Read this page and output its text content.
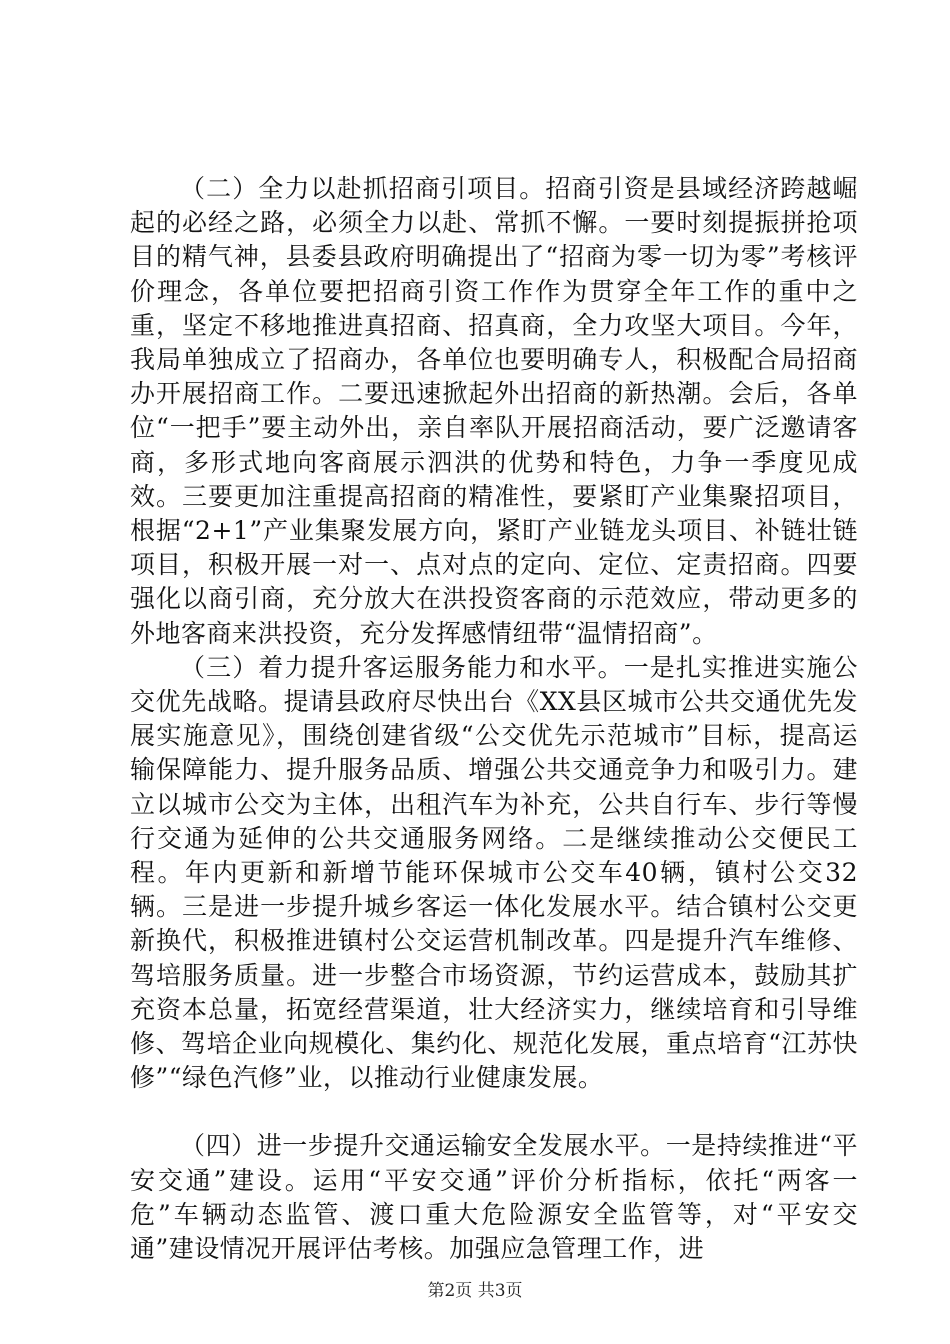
（二）全力以赴抓招商引项目。招商引资是县域经济跨越崛起的必经之路，必须全力以赴、常抓不懈。一要时刻提振拼抢项目的精气神，县委县政府明确提出了“招商为零一切为零”考核评价理念，各单位要把招商引资工作作为贯穿全年工作的重中之重，坚定不移地推进真招商、招真商，全力攻坚大项目。今年，我局单独成立了招商办，各单位也要明确专人，积极配合局招商办开展招商工作。二要迅速掀起外出招商的新热潮。会后，各单位“一把手”要主动外出，亲自率队开展招商活动，要广泛邀请客商，多形式地向客商展示泗洪的优势和特色，力争一季度见成效。三要更加注重提高招商的精准性，要紧盯产业集聚招项目，根据“2+1”产业集聚发展方向，紧盯产业链龙头项目、补链壮链项目，积极开展一对一、点对点的定向、定位、定责招商。四要强化以商引商，充分放大在洪投资客商的示范效应，带动更多的外地客商来洪投资，充分发挥感情纽带“温情招商”。

（三）着力提升客运服务能力和水平。一是扎实推进实施公交优先战略。提请县政府尽快出台《XX县区城市公共交通优先发展实施意见》，围绕创建省级“公交优先示范城市”目标，提高运输保障能力、提升服务品质、增强公共交通竞争力和吸引力。建立以城市公交为主体，出租汽车为补充，公共自行车、步行等慢行交通为延伸的公共交通服务网络。二是继续推动公交便民工程。年内更新和新增节能环保城市公交车40辆，镇村公交32辆。三是进一步提升城乡客运一体化发展水平。结合镇村公交更新换代，积极推进镇村公交运营机制改革。四是提升汽车维修、驾培服务质量。进一步整合市场资源，节约运营成本，鼓励其扩充资本总量，拓宽经营渠道，壮大经济实力，继续培育和引导维修、驾培企业向规模化、集约化、规范化发展，重点培育“江苏快修”“绿色汽修”业，以推动行业健康发展。

（四）进一步提升交通运输安全发展水平。一是持续推进“平安交通”建设。运用“平安交通”评价分析指标，依托“两客一危”车辆动态监管、渡口重大危险源安全监管等，对“平安交通”建设情况开展评估考核。加强应急管理工作，进

第2页 共3页
